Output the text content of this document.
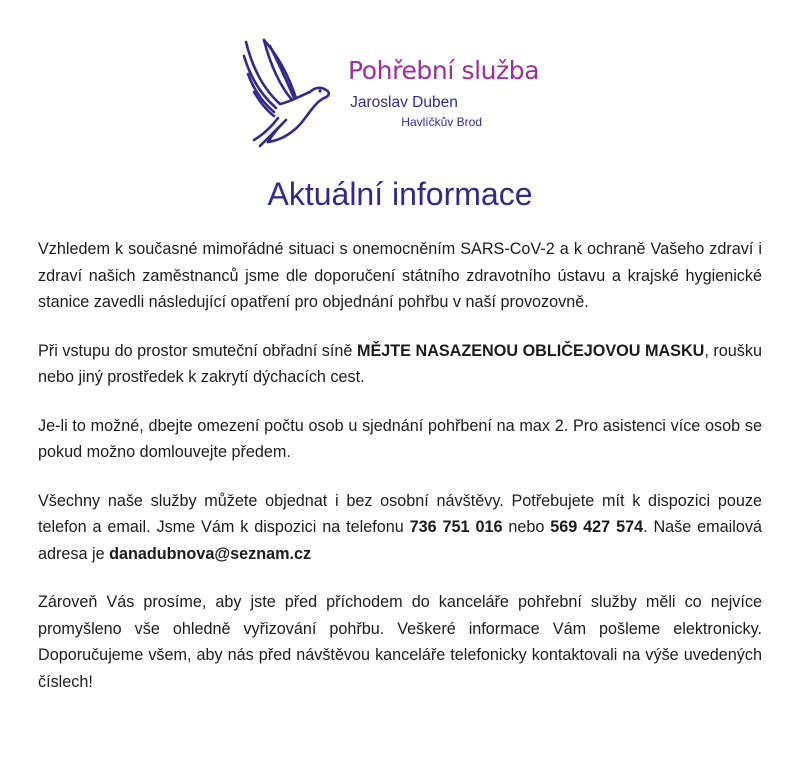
Pohřební služba
Jaroslav Duben
Havlíčkův Brod
Aktuální informace

Vzhledem k současné mimořádné situaci s onemocněním SARS-CoV-2 a k ochraně Vašeho zdraví i zdraví našich zaměstnanců jsme dle doporučení státního zdravotního ústavu a krajské hygienické stanice zavedli následující opatření pro objednání pohřbu v naší provozovně.

Při vstupu do prostor smuteční obřadní síně MĚJTE NASAZENOU OBLIČEJOVOU MASKU, roušku nebo jiný prostředek k zakrytí dýchacích cest.

Je-li to možné, dbejte omezení počtu osob u sjednání pohřbení na max 2. Pro asistenci více osob se pokud možno domlouvejte předem.

Všechny naše služby můžete objednat i bez osobní návštěvy. Potřebujete mít k dispozici pouze telefon a email. Jsme Vám k dispozici na telefonu 736 751 016 nebo 569 427 574. Naše emailová adresa je danadubnova@seznam.cz

Zároveň Vás prosíme, aby jste před příchodem do kanceláře pohřební služby měli co nejvíce promyšleno vše ohledně vyřizování pohřbu. Veškeré informace Vám pošleme elektronicky. Doporučujeme všem, aby nás před návštěvou kanceláře telefonicky kontaktovali na výše uvedených číslech!
